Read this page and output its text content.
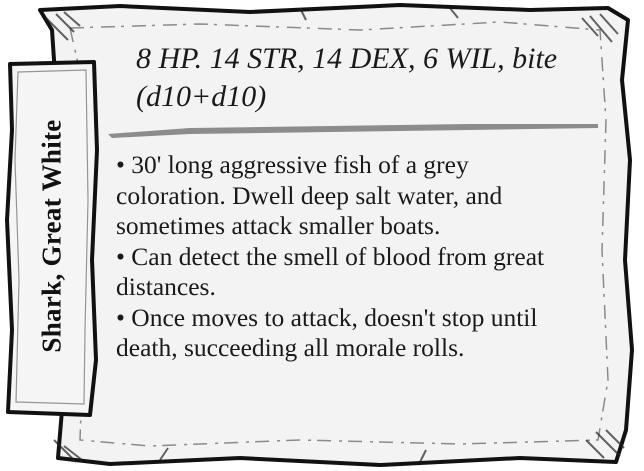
Shark, Great White
8 HP. 14 STR, 14 DEX, 6 WIL, bite (d10+d10)
• 30' long aggressive fish of a grey coloration. Dwell deep salt water, and sometimes attack smaller boats.
• Can detect the smell of blood from great distances.
• Once moves to attack, doesn't stop until death, succeeding all morale rolls.
